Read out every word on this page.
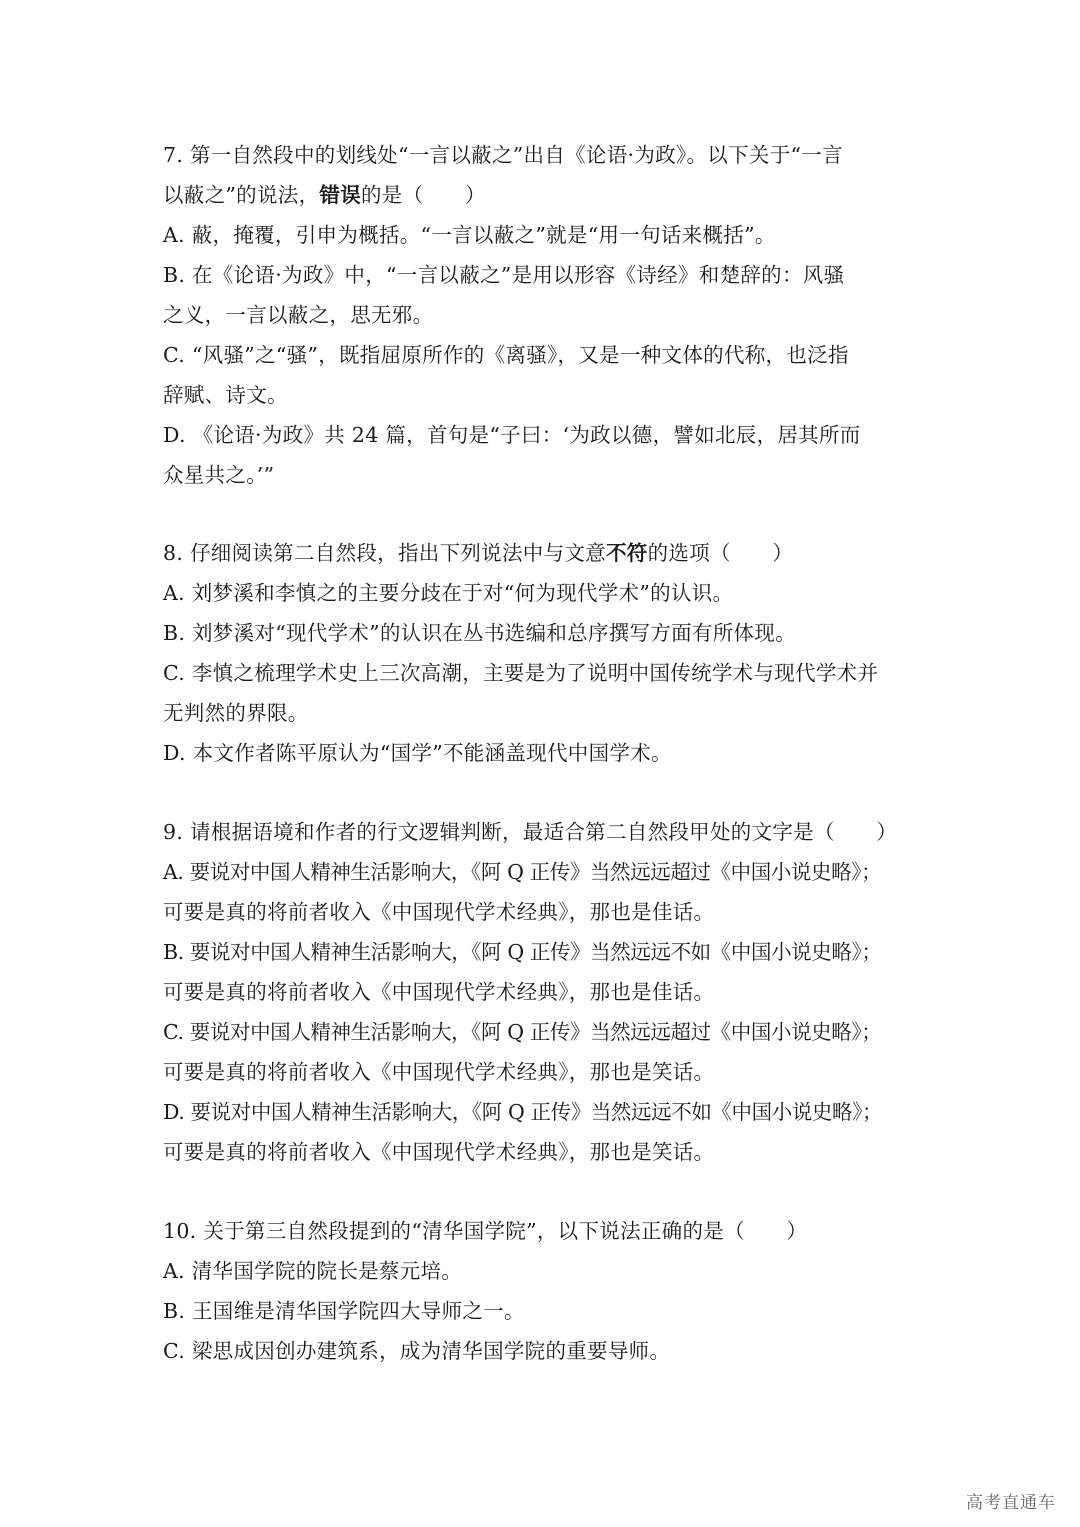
7. 第一自然段中的划线处“一言以蔽之”出自《论语·为政》。以下关于“一言
以蔽之”的说法，错误的是（　　）
A. 蔽，掩覆，引申为概括。“一言以蔽之”就是“用一句话来概括”。
B. 在《论语·为政》中，“一言以蔽之”是用以形容《诗经》和楚辞的：风骚
之义，一言以蔽之，思无邪。
C. “风骚”之“骚”，既指屈原所作的《离骚》，又是一种文体的代称，也泛指
辞赋、诗文。
D. 《论语·为政》共 24 篇，首句是“子曰：‘为政以德，譬如北辰，居其所而
众星共之。’”
8. 仔细阅读第二自然段，指出下列说法中与文意不符的选项（　　）
A. 刘梦溪和李慎之的主要分歧在于对“何为现代学术”的认识。
B. 刘梦溪对“现代学术”的认识在丛书选编和总序撰写方面有所体现。
C. 李慎之梳理学术史上三次高潮，主要是为了说明中国传统学术与现代学术并
无判然的界限。
D. 本文作者陈平原认为“国学”不能涵盖现代中国学术。
9. 请根据语境和作者的行文逻辑判断，最适合第二自然段甲处的文字是（　　）
A. 要说对中国人精神生活影响大，《阿 Q 正传》当然远远超过《中国小说史略》；
可要是真的将前者收入《中国现代学术经典》，那也是佳话。
B. 要说对中国人精神生活影响大，《阿 Q 正传》当然远远不如《中国小说史略》；
可要是真的将前者收入《中国现代学术经典》，那也是佳话。
C. 要说对中国人精神生活影响大，《阿 Q 正传》当然远远超过《中国小说史略》；
可要是真的将前者收入《中国现代学术经典》，那也是笑话。
D. 要说对中国人精神生活影响大，《阿 Q 正传》当然远远不如《中国小说史略》；
可要是真的将前者收入《中国现代学术经典》，那也是笑话。
10. 关于第三自然段提到的“清华国学院”，以下说法正确的是（　　）
A. 清华国学院的院长是蔡元培。
B. 王国维是清华国学院四大导师之一。
C. 梁思成因创办建筑系，成为清华国学院的重要导师。
高考直通车
